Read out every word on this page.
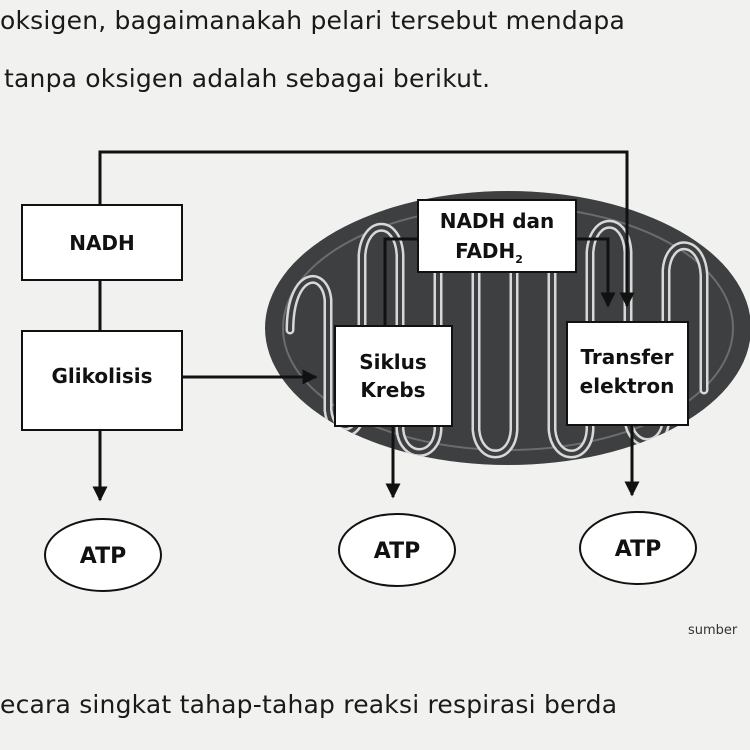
oksigen, bagaimanakah pelari tersebut mendapa
tanpa oksigen adalah sebagai berikut.
NADH
Glikolisis
NADH dan
$FADH_2$
Siklus
Krebs
Transfer
elektron
ATP	ATP	ATP
sumber
ecara singkat tahap-tahap reaksi respirasi berda
